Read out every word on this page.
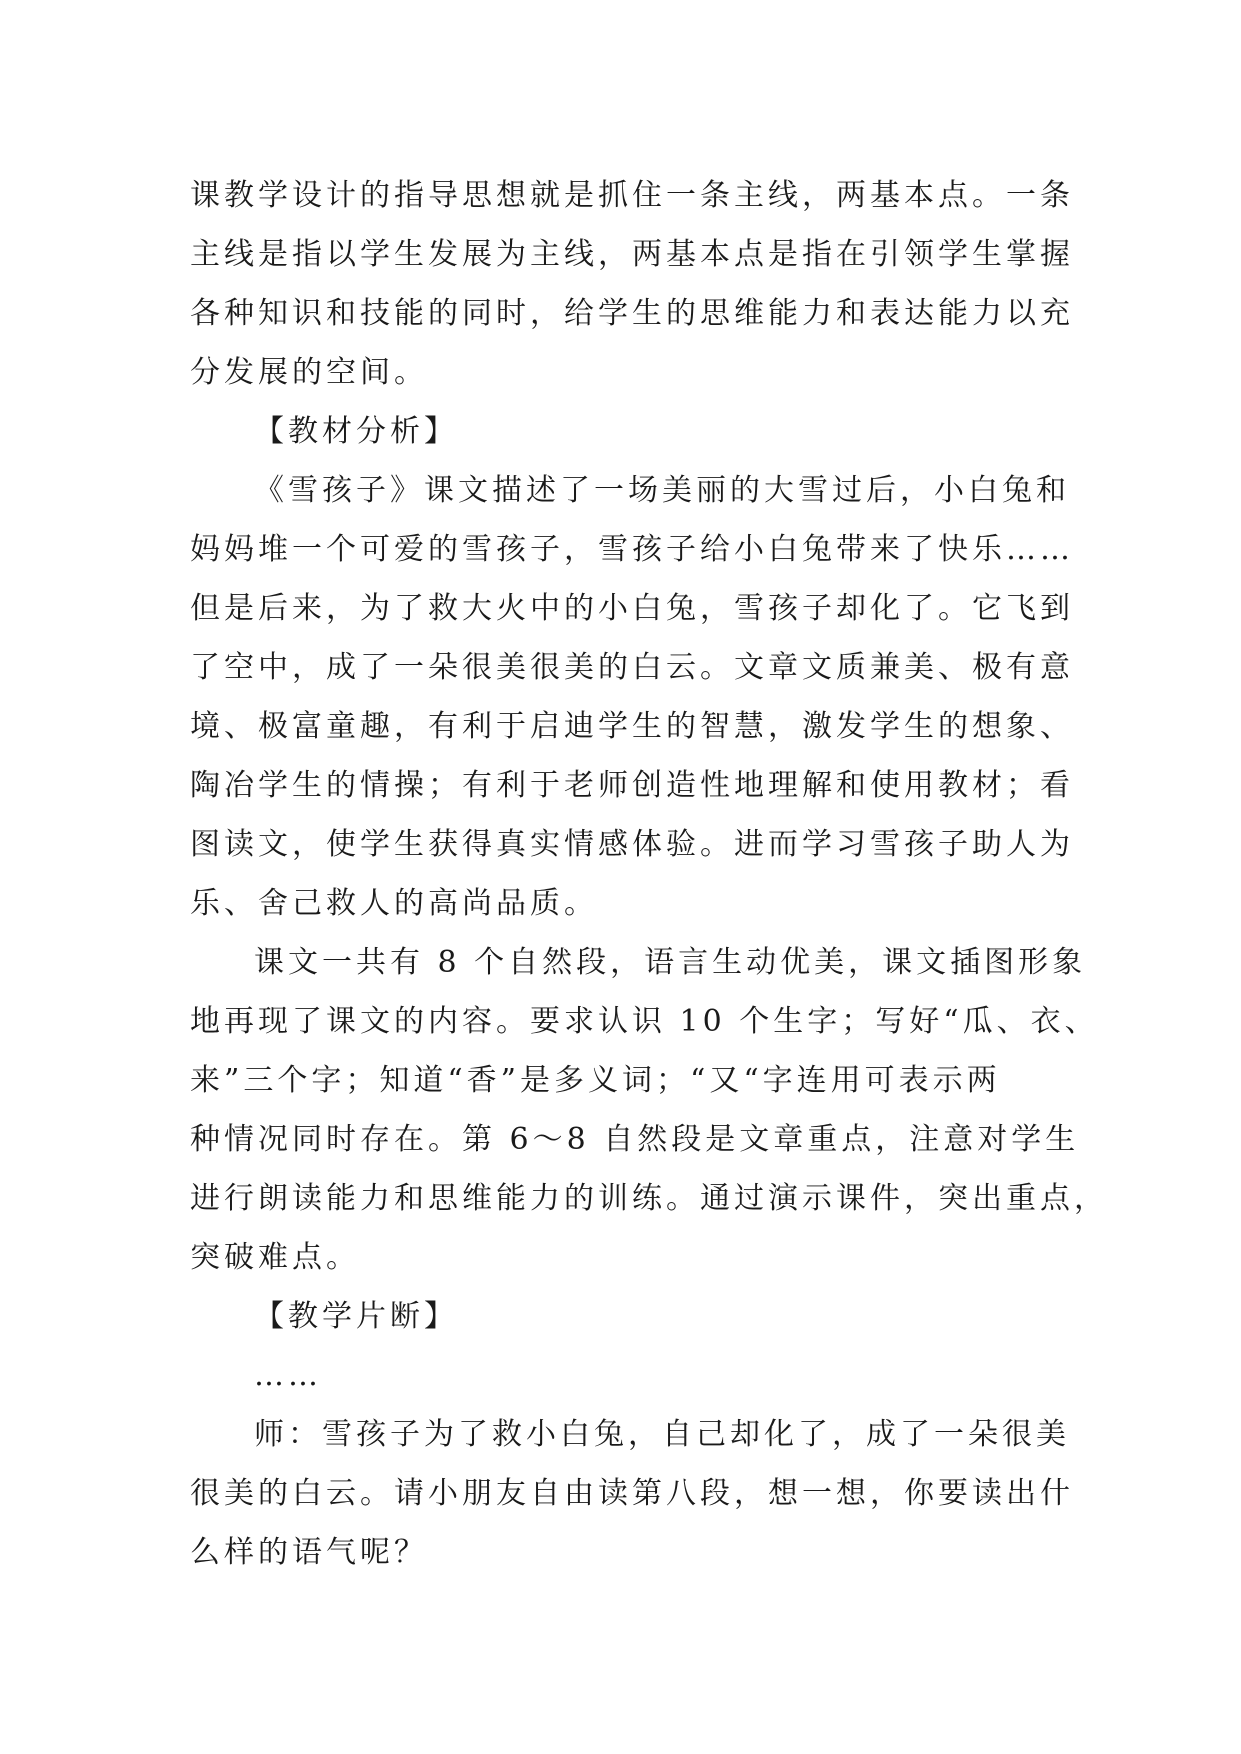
课教学设计的指导思想就是抓住一条主线，两基本点。一条
主线是指以学生发展为主线，两基本点是指在引领学生掌握
各种知识和技能的同时，给学生的思维能力和表达能力以充
分发展的空间。
【教材分析】
《雪孩子》课文描述了一场美丽的大雪过后，小白兔和
妈妈堆一个可爱的雪孩子，雪孩子给小白兔带来了快乐……
但是后来，为了救大火中的小白兔，雪孩子却化了。它飞到
了空中，成了一朵很美很美的白云。文章文质兼美、极有意
境、极富童趣，有利于启迪学生的智慧，激发学生的想象、
陶冶学生的情操；有利于老师创造性地理解和使用教材；看
图读文，使学生获得真实情感体验。进而学习雪孩子助人为
乐、舍己救人的高尚品质。
课文一共有 8 个自然段，语言生动优美，课文插图形象
地再现了课文的内容。要求认识 10 个生字；写好“瓜、衣、
来”三个字；知道“香”是多义词；“又“字连用可表示两
种情况同时存在。第 6～8 自然段是文章重点，注意对学生
进行朗读能力和思维能力的训练。通过演示课件，突出重点，
突破难点。
【教学片断】
……
师：雪孩子为了救小白兔，自己却化了，成了一朵很美
很美的白云。请小朋友自由读第八段，想一想，你要读出什
么样的语气呢？
